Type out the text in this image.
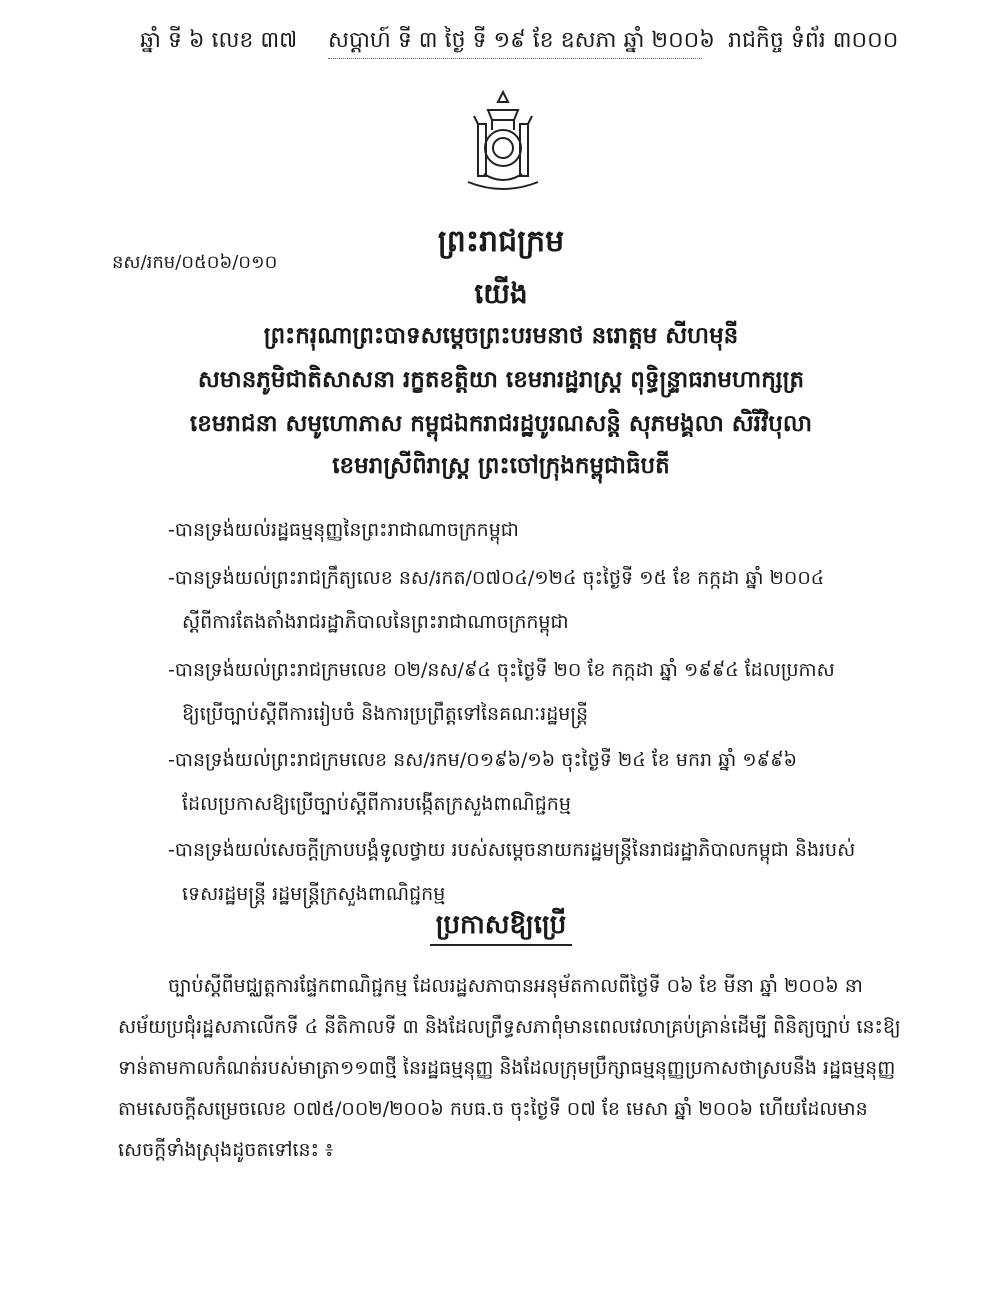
ឆ្នាំ ទី ៦ លេខ ៣៧ សប្តាហ៍ ទី ៣ ថ្ងៃ ទី ១៩ ខែ ឧសភា ឆ្នាំ ២០០៦ រាជកិច្ច ទំព័រ ៣០០០
ព្រះរាជក្រម
នស/រកម/០៥០៦/០១០
យើង
ព្រះករុណាព្រះបាទសម្តេចព្រះបរមនាថ នរោត្តម សីហមុនី
សមានភូមិជាតិសាសនា រក្ខតខត្តិយា ខេមរារដ្ឋរាស្ត្រ ពុទ្ធិន្ទ្រាធរាមហាក្សត្រ
ខេមរាជនា សមូហោភាស កម្ពុជឯករាជរដ្ឋបូរណសន្តិ សុភមង្គលា សិរីវិបុលា
ខេមរាស្រីពិរាស្ត្រ ព្រះចៅក្រុងកម្ពុជាធិបតី
-បានទ្រង់យល់រដ្ឋធម្មនុញ្ញនៃព្រះរាជាណាចក្រកម្ពុជា
-បានទ្រង់យល់ព្រះរាជក្រឹត្យលេខ នស/រកត/០៧០៤/១២៤ ចុះថ្ងៃទី ១៥ ខែ កក្កដា ឆ្នាំ ២០០៤
ស្តីពីការតែងតាំងរាជរដ្ឋាភិបាលនៃព្រះរាជាណាចក្រកម្ពុជា
-បានទ្រង់យល់ព្រះរាជក្រមលេខ ០២/នស/៩៤ ចុះថ្ងៃទី ២០ ខែ កក្កដា ឆ្នាំ ១៩៩៤ ដែលប្រកាស
ឱ្យប្រើច្បាប់ស្តីពីការរៀបចំ និងការប្រព្រឹត្តទៅនៃគណៈរដ្ឋមន្ត្រី
-បានទ្រង់យល់ព្រះរាជក្រមលេខ នស/រកម/០១៩៦/១៦ ចុះថ្ងៃទី ២៤ ខែ មករា ឆ្នាំ ១៩៩៦
ដែលប្រកាសឱ្យប្រើច្បាប់ស្តីពីការបង្កើតក្រសួងពាណិជ្ជកម្ម
-បានទ្រង់យល់សេចក្តីក្រាបបង្គំទូលថ្វាយ របស់សម្តេចនាយករដ្ឋមន្ត្រីនៃរាជរដ្ឋាភិបាលកម្ពុជា និងរបស់
ទេសរដ្ឋមន្ត្រី រដ្ឋមន្ត្រីក្រសួងពាណិជ្ជកម្ម
ប្រកាសឱ្យប្រើ
ច្បាប់ស្តីពីមជ្ឈត្តការផ្ទែកពាណិជ្ជកម្ម ដែលរដ្ឋសភាបានអនុម័តកាលពីថ្ងៃទី ០៦ ខែ មីនា ឆ្នាំ ២០០៦ នាសម័យប្រជុំរដ្ឋសភាលើកទី ៤ នីតិកាលទី ៣ និងដែលព្រឹទ្ធសភាពុំមានពេលវេលាគ្រប់គ្រាន់ដើម្បី ពិនិត្យច្បាប់ នេះឱ្យទាន់តាមកាលកំណត់របស់មាត្រា១១៣ថ្មី នៃរដ្ឋធម្មនុញ្ញ និងដែលក្រុមប្រឹក្សាធម្មនុញ្ញប្រកាសថាស្របនឹង រដ្ឋធម្មនុញ្ញតាមសេចក្តីសម្រេចលេខ ០៧៥/០០២/២០០៦ កបធ.ច ចុះថ្ងៃទី ០៧ ខែ មេសា ឆ្នាំ ២០០៦ ហើយដែលមានសេចក្តីទាំងស្រុងដូចតទៅនេះ ៖
